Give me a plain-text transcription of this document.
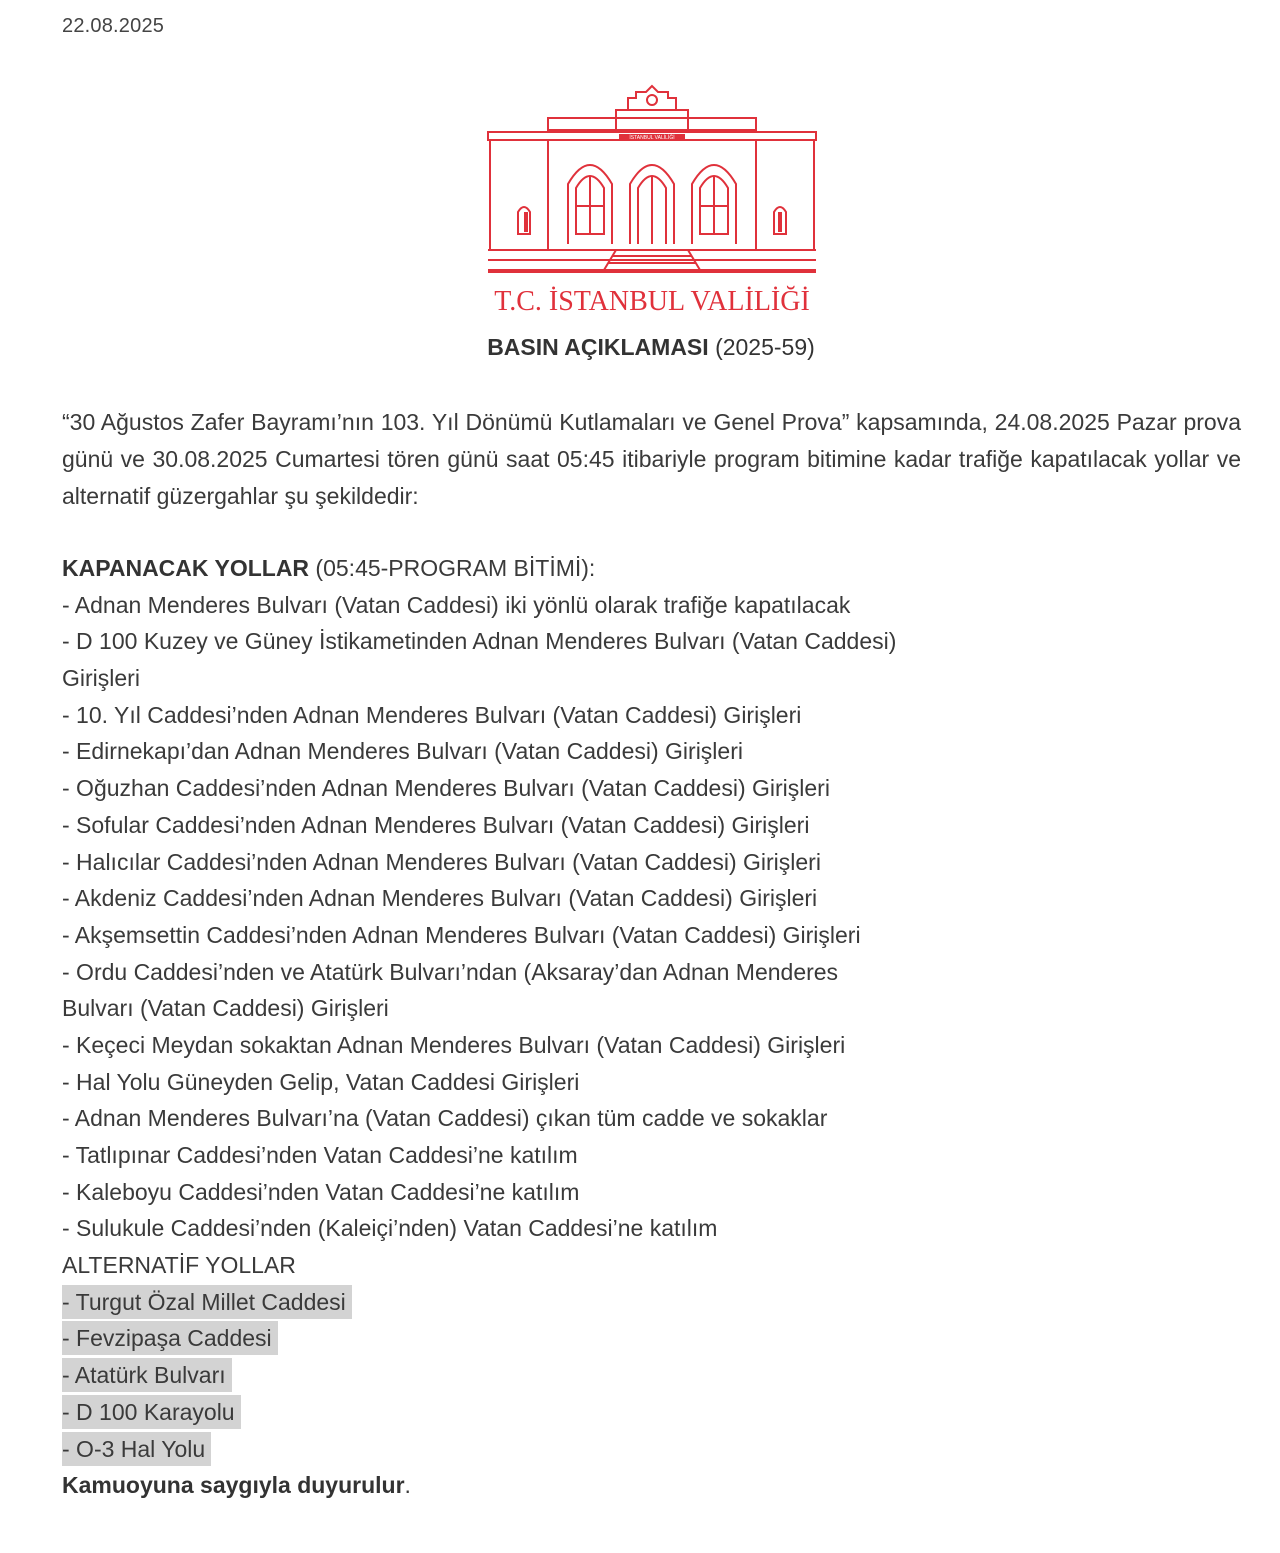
22.08.2025
İSTANBUL VALİLİĞİ
T.C. İSTANBUL VALİLİĞİ
BASIN AÇIKLAMASI (2025-59)
“30 Ağustos Zafer Bayramı’nın 103. Yıl Dönümü Kutlamaları ve Genel Prova” kapsamında, 24.08.2025 Pazar prova günü ve 30.08.2025 Cumartesi tören günü saat 05:45 itibariyle program bitimine kadar trafiğe kapatılacak yollar ve alternatif güzergahlar şu şekildedir:
KAPANACAK YOLLAR (05:45-PROGRAM BİTİMİ):
- Adnan Menderes Bulvarı (Vatan Caddesi) iki yönlü olarak trafiğe kapatılacak
- D 100 Kuzey ve Güney İstikametinden Adnan Menderes Bulvarı (Vatan Caddesi)
Girişleri
- 10. Yıl Caddesi’nden Adnan Menderes Bulvarı (Vatan Caddesi) Girişleri
- Edirnekapı’dan Adnan Menderes Bulvarı (Vatan Caddesi) Girişleri
- Oğuzhan Caddesi’nden Adnan Menderes Bulvarı (Vatan Caddesi) Girişleri
- Sofular Caddesi’nden Adnan Menderes Bulvarı (Vatan Caddesi) Girişleri
- Halıcılar Caddesi’nden Adnan Menderes Bulvarı (Vatan Caddesi) Girişleri
- Akdeniz Caddesi’nden Adnan Menderes Bulvarı (Vatan Caddesi) Girişleri
- Akşemsettin Caddesi’nden Adnan Menderes Bulvarı (Vatan Caddesi) Girişleri
- Ordu Caddesi’nden ve Atatürk Bulvarı’ndan (Aksaray’dan Adnan Menderes
Bulvarı (Vatan Caddesi) Girişleri
- Keçeci Meydan sokaktan Adnan Menderes Bulvarı (Vatan Caddesi) Girişleri
- Hal Yolu Güneyden Gelip, Vatan Caddesi Girişleri
- Adnan Menderes Bulvarı’na (Vatan Caddesi) çıkan tüm cadde ve sokaklar
- Tatlıpınar Caddesi’nden Vatan Caddesi’ne katılım
- Kaleboyu Caddesi’nden Vatan Caddesi’ne katılım
- Sulukule Caddesi’nden (Kaleiçi’nden) Vatan Caddesi’ne katılım
ALTERNATİF YOLLAR
- Turgut Özal Millet Caddesi
- Fevzipaşa Caddesi
- Atatürk Bulvarı
- D 100 Karayolu
- O-3 Hal Yolu
Kamuoyuna saygıyla duyurulur.
